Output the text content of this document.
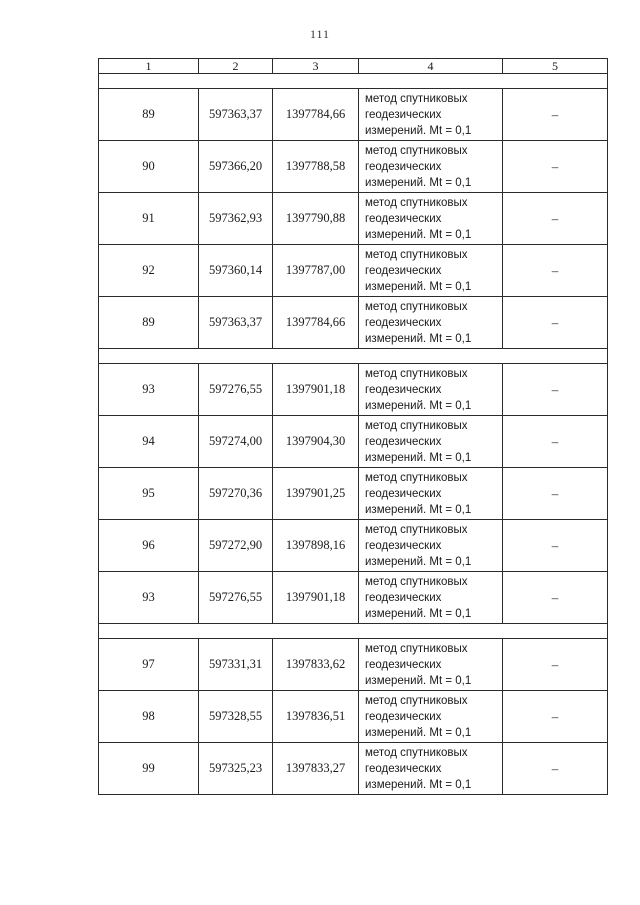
111
1	2	3	4	5

89	597363,37	1397784,66	метод спутниковых
геодезических
измерений. Mt = 0,1	–
90	597366,20	1397788,58	метод спутниковых
геодезических
измерений. Mt = 0,1	–
91	597362,93	1397790,88	метод спутниковых
геодезических
измерений. Mt = 0,1	–
92	597360,14	1397787,00	метод спутниковых
геодезических
измерений. Mt = 0,1	–
89	597363,37	1397784,66	метод спутниковых
геодезических
измерений. Mt = 0,1	–

93	597276,55	1397901,18	метод спутниковых
геодезических
измерений. Mt = 0,1	–
94	597274,00	1397904,30	метод спутниковых
геодезических
измерений. Mt = 0,1	–
95	597270,36	1397901,25	метод спутниковых
геодезических
измерений. Mt = 0,1	–
96	597272,90	1397898,16	метод спутниковых
геодезических
измерений. Mt = 0,1	–
93	597276,55	1397901,18	метод спутниковых
геодезических
измерений. Mt = 0,1	–

97	597331,31	1397833,62	метод спутниковых
геодезических
измерений. Mt = 0,1	–
98	597328,55	1397836,51	метод спутниковых
геодезических
измерений. Mt = 0,1	–
99	597325,23	1397833,27	метод спутниковых
геодезических
измерений. Mt = 0,1	–
